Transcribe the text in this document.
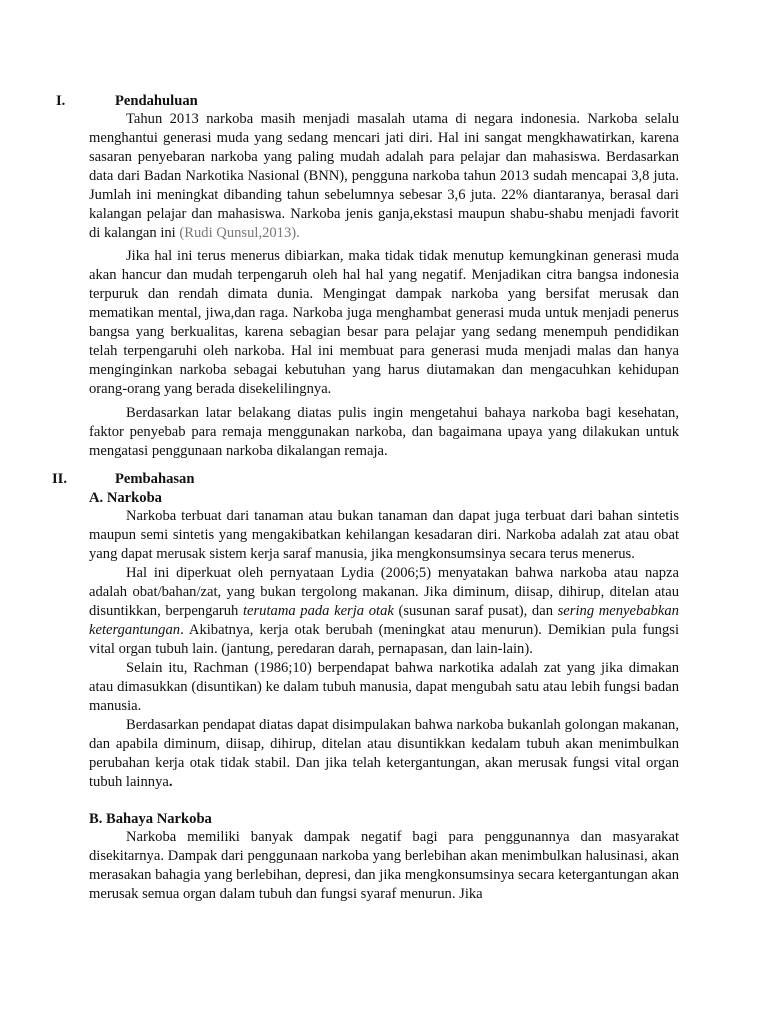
I.	Pendahuluan

Tahun 2013 narkoba masih menjadi masalah utama di negara indonesia. Narkoba selalu menghantui generasi muda yang sedang mencari jati diri. Hal ini sangat mengkhawatirkan, karena sasaran penyebaran narkoba yang paling mudah adalah para pelajar dan mahasiswa. Berdasarkan data dari Badan Narkotika Nasional (BNN), pengguna narkoba tahun 2013 sudah mencapai 3,8 juta. Jumlah ini meningkat dibanding tahun sebelumnya sebesar 3,6 juta. 22% diantaranya, berasal dari kalangan pelajar dan mahasiswa. Narkoba jenis ganja,ekstasi maupun shabu-shabu menjadi favorit di kalangan ini (Rudi Qunsul,2013).

Jika hal ini terus menerus dibiarkan, maka tidak tidak menutup kemungkinan generasi muda akan hancur dan mudah terpengaruh oleh hal hal yang negatif. Menjadikan citra bangsa indonesia terpuruk dan rendah dimata dunia. Mengingat dampak narkoba yang bersifat merusak dan mematikan mental, jiwa,dan raga. Narkoba juga menghambat generasi muda untuk menjadi penerus bangsa yang berkualitas, karena sebagian besar para pelajar yang sedang menempuh pendidikan telah terpengaruhi oleh narkoba. Hal ini membuat para generasi muda menjadi malas dan hanya menginginkan narkoba sebagai kebutuhan yang harus diutamakan dan mengacuhkan kehidupan orang-orang yang berada disekelilingnya.

Berdasarkan latar belakang diatas pulis ingin mengetahui bahaya narkoba bagi kesehatan, faktor penyebab para remaja menggunakan narkoba, dan bagaimana upaya yang dilakukan untuk mengatasi penggunaan narkoba dikalangan remaja.

II.	Pembahasan
A. Narkoba

Narkoba terbuat dari tanaman atau bukan tanaman dan dapat juga terbuat dari bahan sintetis maupun semi sintetis yang mengakibatkan kehilangan kesadaran diri. Narkoba adalah zat atau obat yang dapat merusak sistem kerja saraf manusia, jika mengkonsumsinya secara terus menerus.

Hal ini diperkuat oleh pernyataan Lydia (2006;5) menyatakan bahwa narkoba atau napza adalah obat/bahan/zat, yang bukan tergolong makanan. Jika diminum, diisap, dihirup, ditelan atau disuntikkan, berpengaruh terutama pada kerja otak (susunan saraf pusat), dan sering menyebabkan ketergantungan. Akibatnya, kerja otak berubah (meningkat atau menurun). Demikian pula fungsi vital organ tubuh lain. (jantung, peredaran darah, pernapasan, dan lain-lain).

Selain itu, Rachman (1986;10) berpendapat bahwa narkotika adalah zat yang jika dimakan atau dimasukkan (disuntikan) ke dalam tubuh manusia, dapat mengubah satu atau lebih fungsi badan manusia.

Berdasarkan pendapat diatas dapat disimpulakan bahwa narkoba bukanlah golongan makanan, dan apabila diminum, diisap, dihirup, ditelan atau disuntikkan kedalam tubuh akan menimbulkan perubahan kerja otak tidak stabil. Dan jika telah ketergantungan, akan merusak fungsi vital organ tubuh lainnya.

B. Bahaya Narkoba

Narkoba memiliki banyak dampak negatif bagi para penggunannya dan masyarakat disekitarnya. Dampak dari penggunaan narkoba yang berlebihan akan menimbulkan halusinasi, akan merasakan bahagia yang berlebihan, depresi, dan jika mengkonsumsinya secara ketergantungan akan merusak semua organ dalam tubuh dan fungsi syaraf menurun. Jika
